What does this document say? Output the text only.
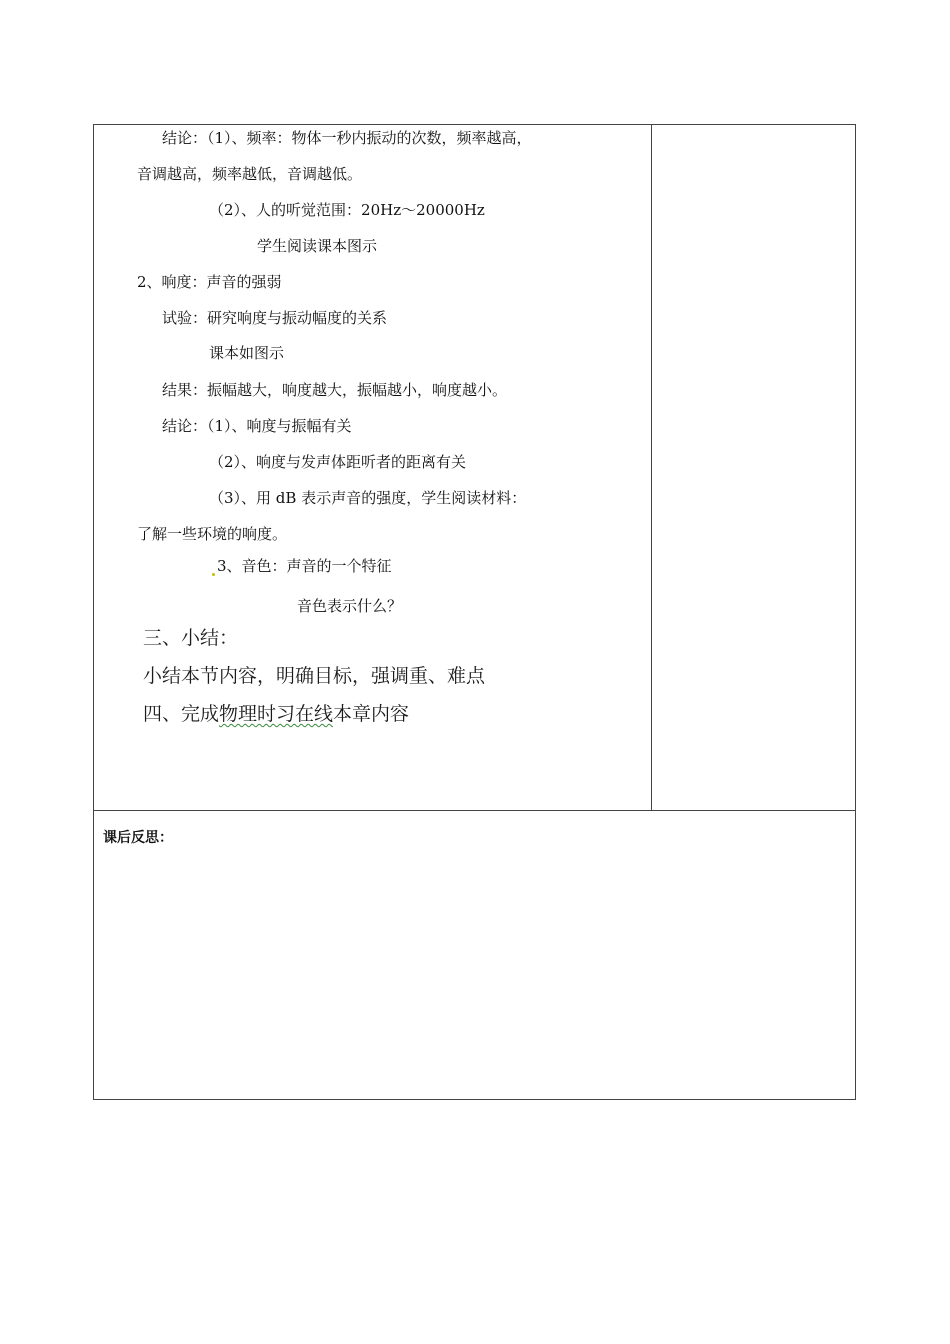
结论：（1）、频率：物体一秒内振动的次数，频率越高，
音调越高，频率越低，音调越低。
（2）、人的听觉范围：20Hz～20000Hz
学生阅读课本图示
2、响度：声音的强弱
试验：研究响度与振动幅度的关系
课本如图示
结果：振幅越大，响度越大，振幅越小，响度越小。
结论：（1）、响度与振幅有关
（2）、响度与发声体距听者的距离有关
（3）、用 dB 表示声音的强度，学生阅读材料：
了解一些环境的响度。
3、音色：声音的一个特征
音色表示什么？
三、小结：
小结本节内容，明确目标，强调重、难点
四、完成物理时习在线本章内容
课后反思：
